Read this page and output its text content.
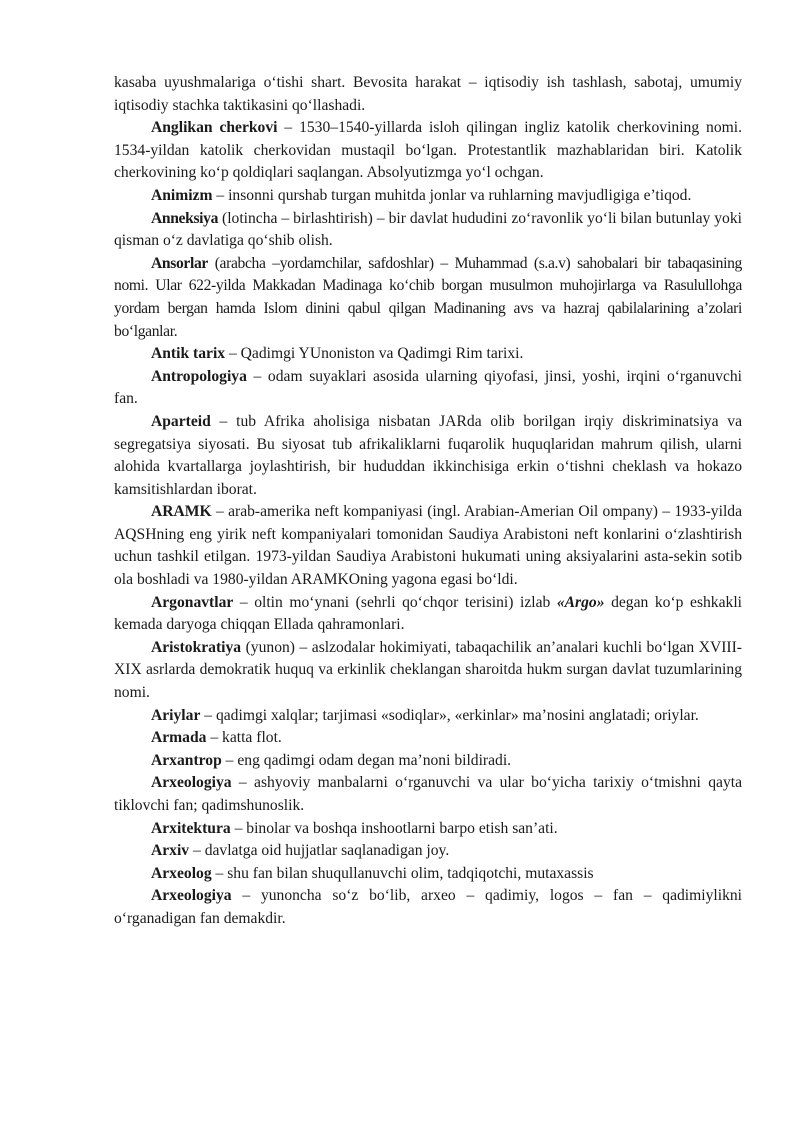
kasaba uyushmalariga o‘tishi shart. Bevosita harakat – iqtisodiy ish tashlash, sabotaj, umumiy iqtisodiy stachka taktikasini qo‘llashadi.

Anglikan cherkovi – 1530–1540-yillarda isloh qilingan ingliz katolik cherkovining nomi. 1534-yildan katolik cherkovidan mustaqil bo‘lgan. Protestantlik mazhablaridan biri. Katolik cherkovining ko‘p qoldiqlari saqlangan. Absolyutizmga yo‘l ochgan.

Animizm – insonni qurshab turgan muhitda jonlar va ruhlarning mavjudligiga e’tiqod.

Anneksiya (lotincha – birlashtirish) – bir davlat hududini zo‘ravonlik yo‘li bilan butunlay yoki qisman o‘z davlatiga qo‘shib olish.

Ansorlar (arabcha –yordamchilar, safdoshlar) – Muhammad (s.a.v) sahobalari bir tabaqasining nomi. Ular 622-yilda Makkadan Madinaga ko‘chib borgan musulmon muhojirlarga va Rasulullohga yordam bergan hamda Islom dinini qabul qilgan Madinaning avs va hazraj qabilalarining a’zolari bo‘lganlar.

Antik tarix – Qadimgi YUnoniston va Qadimgi Rim tarixi.

Antropologiya – odam suyaklari asosida ularning qiyofasi, jinsi, yoshi, irqini o‘rganuvchi fan.

Aparteid – tub Afrika aholisiga nisbatan JARda olib borilgan irqiy diskriminatsiya va segregatsiya siyosati. Bu siyosat tub afrikaliklarni fuqarolik huquqlaridan mahrum qilish, ularni alohida kvartallarga joylashtirish, bir hududdan ikkinchisiga erkin o‘tishni cheklash va hokazo kamsitishlardan iborat.

ARAMK – arab-amerika neft kompaniyasi (ingl. Arabian-Amerian Oil ompany) – 1933-yilda AQSHning eng yirik neft kompaniyalari tomonidan Saudiya Arabistoni neft konlarini o‘zlashtirish uchun tashkil etilgan. 1973-yildan Saudiya Arabistoni hukumati uning aksiyalarini asta-sekin sotib ola boshladi va 1980-yildan ARAMKOning yagona egasi bo‘ldi.

Argonavtlar – oltin mo‘ynani (sehrli qo‘chqor terisini) izlab «Argo» degan ko‘p eshkakli kemada daryoga chiqqan Ellada qahramonlari.

Aristokratiya (yunon) – aslzodalar hokimiyati, tabaqachilik an’analari kuchli bo‘lgan XVIII-XIX asrlarda demokratik huquq va erkinlik cheklangan sharoitda hukm surgan davlat tuzumlarining nomi.

Ariylar – qadimgi xalqlar; tarjimasi «sodiqlar», «erkinlar» ma’nosini anglatadi; oriylar.

Armada – katta flot.

Arxantrop – eng qadimgi odam degan ma’noni bildiradi.

Arxeologiya – ashyoviy manbalarni o‘rganuvchi va ular bo‘yicha tarixiy o‘tmishni qayta tiklovchi fan; qadimshunoslik.

Arxitektura – binolar va boshqa inshootlarni barpo etish san’ati.

Arxiv – davlatga oid hujjatlar saqlanadigan joy.

Arxeolog – shu fan bilan shuqullanuvchi olim, tadqiqotchi, mutaxassis

Arxeologiya – yunoncha so‘z bo‘lib, arxeo – qadimiy, logos – fan – qadimiylikni o‘rganadigan fan demakdir.
